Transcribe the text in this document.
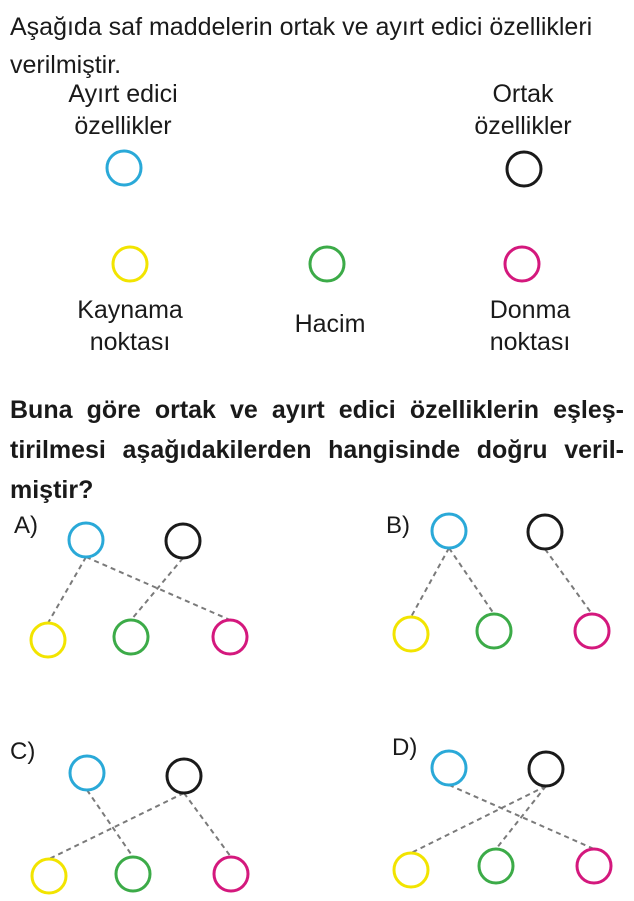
Aşağıda saf maddelerin ortak ve ayırt edici özellikleri
verilmiştir.
Ayırt edici
özellikler
Ortak
özellikler
Kaynama
noktası
Hacim	Donma
noktası
Buna göre ortak ve ayırt edici özelliklerin eşleş-
tirilmesi aşağıdakilerden hangisinde doğru veril-
miştir?
A)	B)
C)	D)
